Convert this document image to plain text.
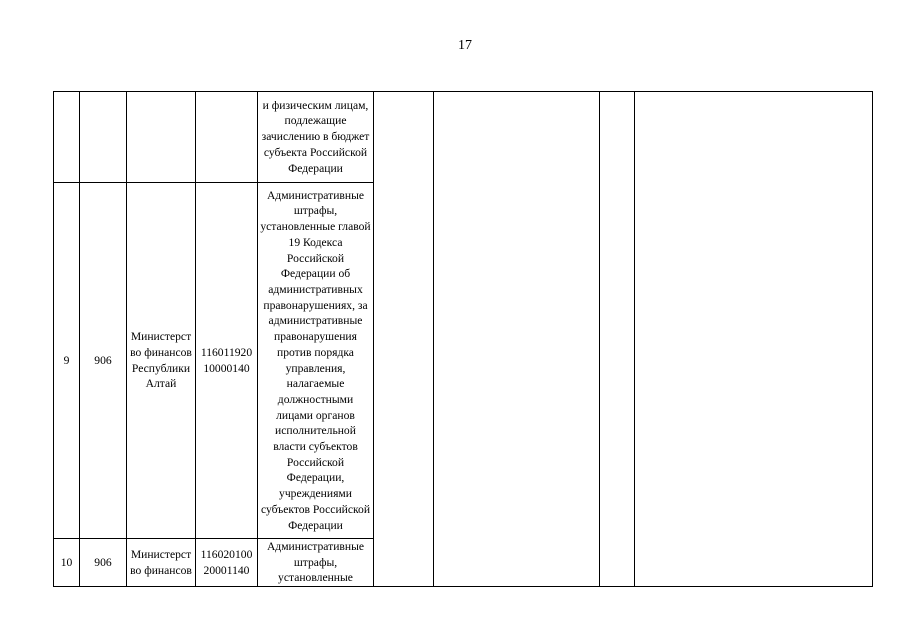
17
				и физическим лицам, подлежащие зачислению в бюджет субъекта Российской Федерации				
9	906	Министерство финансов Республики Алтай	11601192010000140	Административные штрафы, установленные главой 19 Кодекса Российской Федерации об административных правонарушениях, за административные правонарушения против порядка управления, налагаемые должностными лицами органов исполнительной власти субъектов Российской Федерации, учреждениями субъектов Российской Федерации				
10	906	Министерство финансов	11602010020001140	Административные штрафы, установленные				
